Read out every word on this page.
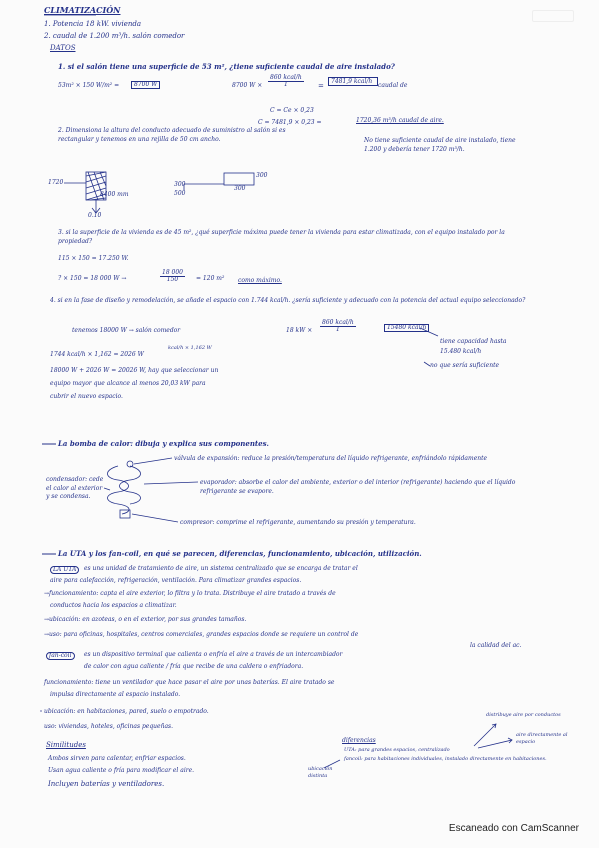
CLIMATIZACIÓN
1. Potencia 18 kW. vivienda
2. caudal de 1.200 m³/h. salón comedor
DATOS
1. si el salón tiene una superficie de 53 m², ¿tiene suficiente caudal de aire instalado?
53m² × 150 W/m² =	8700 W	8700 W ×
860 kcal/h
1	=
7481,9 kcal/h
caudal de
C = Ce × 0,23
C = 7481,9 × 0,23 =	1720,36 m³/h caudal de aire.
No tiene suficiente caudal de aire instalado, tiene 1.200 y debería tener 1720 m³/h.
2. Dimensiona la altura del conducto adecuado de suministro al salón si es rectangular y tenemos en una rejilla de 50 cm ancho.
1720
8400 mm
300
500
300
300
0.10
3. si la superficie de la vivienda es de 45 m², ¿qué superficie máxima puede tener la vivienda para estar climatizada, con el equipo instalado por la propiedad?
115 × 150 = 17.250 W.
? × 150 = 18 000 W →	$\frac{18 000}{150} = 120$ m² como máximo.
4. si en la fase de diseño y remodelación, se añade el espacio con 1.744 kcal/h. ¿sería suficiente y adecuado con la potencia del actual equipo seleccionado?
tenemos 18000 W → salón comedor	18 kW ×
860 kcal/h
1	15480 kcal/h
tiene capacidad hasta
15.480 kcal/h
no que sería suficiente
1744 kcal/h × 1,162 = 2026 W
kcal/h × 1,162 W
18000 W + 2026 W = 20026 W, hay que seleccionar un
equipo mayor que alcance al menos 20,03 kW para
cubrir el nuevo espacio.
La bomba de calor: dibuja y explica sus componentes.
válvula de expansión: reduce la presión/temperatura del líquido refrigerante, enfriándolo rápidamente
evaporador: absorbe el calor del ambiente, exterior o del interior (refrigerante) haciendo que el líquido refrigerante se evapore.
condensador: cede el calor al exterior y se condensa.
compresor: comprime el refrigerante, aumentando su presión y temperatura.
La UTA y los fan-coil, en qué se parecen, diferencias, funcionamiento, ubicación, utilización.
LA UTA	es una unidad de tratamiento de aire, un sistema centralizado que se encarga de tratar el
aire para calefacción, refrigeración, ventilación. Para climatizar grandes espacios.
→funcionamiento: capta el aire exterior, lo filtra y lo trata. Distribuye el aire tratado a través de
conductos hacia los espacios a climatizar.
→ubicación: en azoteas, o en el exterior, por sus grandes tamaños.
→uso: para oficinas, hospitales, centros comerciales, grandes espacios donde se requiere un control de
la calidad del ac.
fan-coil	es un dispositivo terminal que calienta o enfría el aire a través de un intercambiador
de calor con agua caliente / fría que recibe de una caldera o enfriadora.
funcionamiento: tiene un ventilador que hace pasar el aire por unas baterías. El aire tratado se
impulsa directamente al espacio instalado.
ubicación: en habitaciones, pared, suelo o empotrado.
uso: viviendas, hoteles, oficinas pequeñas.
Similitudes
Ambos sirven para calentar, enfriar espacios.
Usan agua caliente o fría para modificar el aire.
Incluyen baterías y ventiladores.
diferencias
UTA: para grandes espacios, centralizado
fancoil: para habitaciones individuales, instalado directamente en habitaciones.
distribuye aire por conductos
aire directamente al espacio
ubicación distinta
Escaneado con CamScanner
